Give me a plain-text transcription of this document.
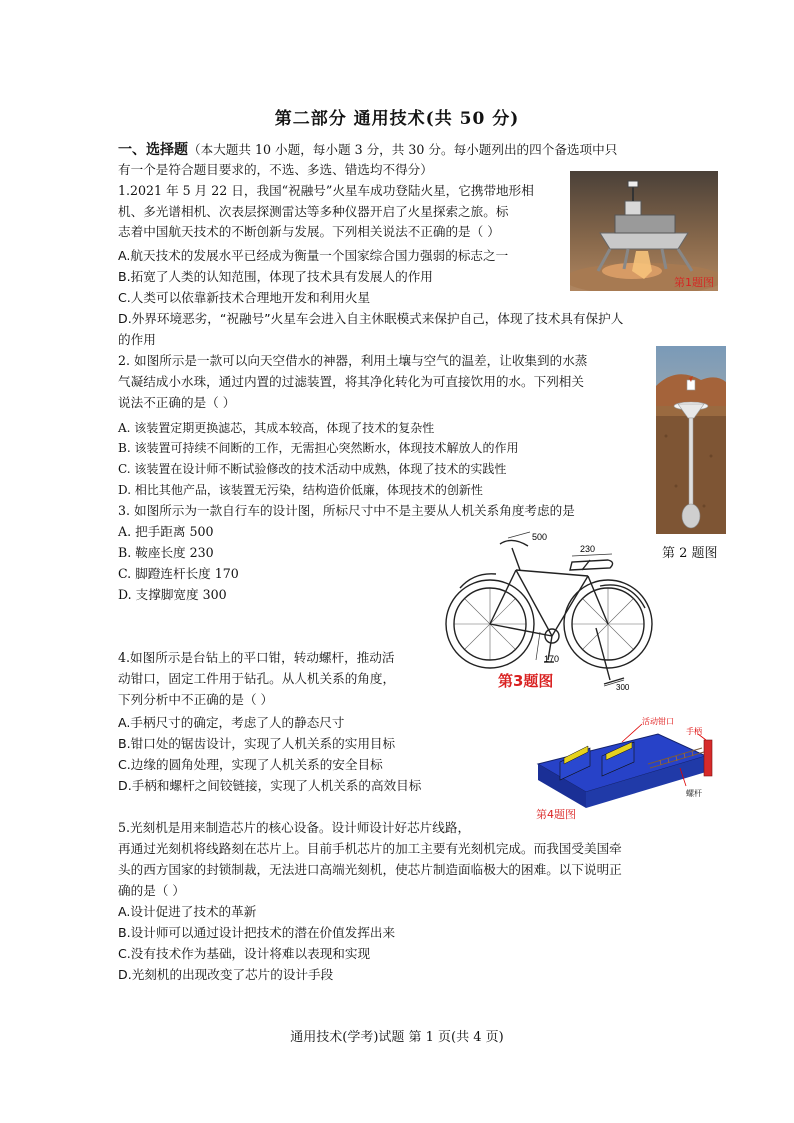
第二部分 通用技术(共 50 分)
一、选择题（本大题共 10 小题，每小题 3 分，共 30 分。每小题列出的四个备选项中只
有一个是符合题目要求的，不选、多选、错选均不得分）
1.2021 年 5 月 22 日，我国“祝融号”火星车成功登陆火星，它携带地形相
机、多光谱相机、次表层探测雷达等多种仪器开启了火星探索之旅。标
志着中国航天技术的不断创新与发展。下列相关说法不正确的是（ ）
A.航天技术的发展水平已经成为衡量一个国家综合国力强弱的标志之一
B.拓宽了人类的认知范围，体现了技术具有发展人的作用
C.人类可以依靠新技术合理地开发和利用火星
D.外界环境恶劣，“祝融号”火星车会进入自主休眠模式来保护自己，体现了技术具有保护人
的作用
第1题图
2. 如图所示是一款可以向天空借水的神器，利用土壤与空气的温差，让收集到的水蒸
气凝结成小水珠，通过内置的过滤装置，将其净化转化为可直接饮用的水。下列相关
说法不正确的是（ ）
A. 该装置定期更换滤芯，其成本较高，体现了技术的复杂性
B. 该装置可持续不间断的工作，无需担心突然断水，体现技术解放人的作用
C. 该装置在设计师不断试验修改的技术活动中成熟，体现了技术的实践性
D. 相比其他产品，该装置无污染，结构造价低廉，体现技术的创新性
第 2 题图
3. 如图所示为一款自行车的设计图，所标尺寸中不是主要从人机关系角度考虑的是
A. 把手距离 500
B. 鞍座长度 230
C. 脚蹬连杆长度 170
D. 支撑脚宽度 300
500
230
170
300
第3题图
4.如图所示是台钻上的平口钳，转动螺杆，推动活
动钳口，固定工件用于钻孔。从人机关系的角度，
下列分析中不正确的是（ ）
A.手柄尺寸的确定，考虑了人的静态尺寸
B.钳口处的锯齿设计，实现了人机关系的实用目标
C.边缘的圆角处理，实现了人机关系的安全目标
D.手柄和螺杆之间铰链接，实现了人机关系的高效目标
活动钳口
手柄
螺杆
第4题图
5.光刻机是用来制造芯片的核心设备。设计师设计好芯片线路，
再通过光刻机将线路刻在芯片上。目前手机芯片的加工主要有光刻机完成。而我国受美国牵
头的西方国家的封锁制裁，无法进口高端光刻机，使芯片制造面临极大的困难。以下说明正
确的是（ ）
A.设计促进了技术的革新
B.设计师可以通过设计把技术的潜在价值发挥出来
C.没有技术作为基础，设计将难以表现和实现
D.光刻机的出现改变了芯片的设计手段
通用技术(学考)试题 第 1 页(共 4 页)
